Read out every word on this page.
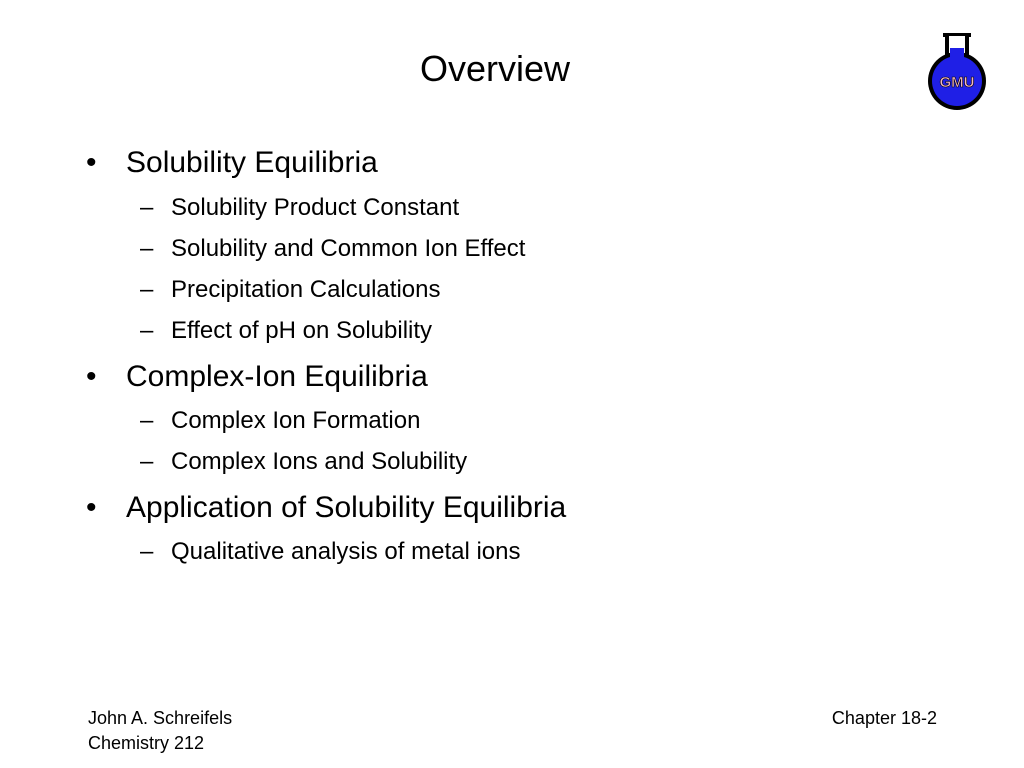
Overview	GMU
• Solubility Equilibria
– Solubility Product Constant
– Solubility and Common Ion Effect
– Precipitation Calculations
– Effect of pH on Solubility
• Complex-Ion Equilibria
– Complex Ion Formation
– Complex Ions and Solubility
• Application of Solubility Equilibria
– Qualitative analysis of metal ions
John A. Schreifels
Chemistry 212
Chapter 18-2
